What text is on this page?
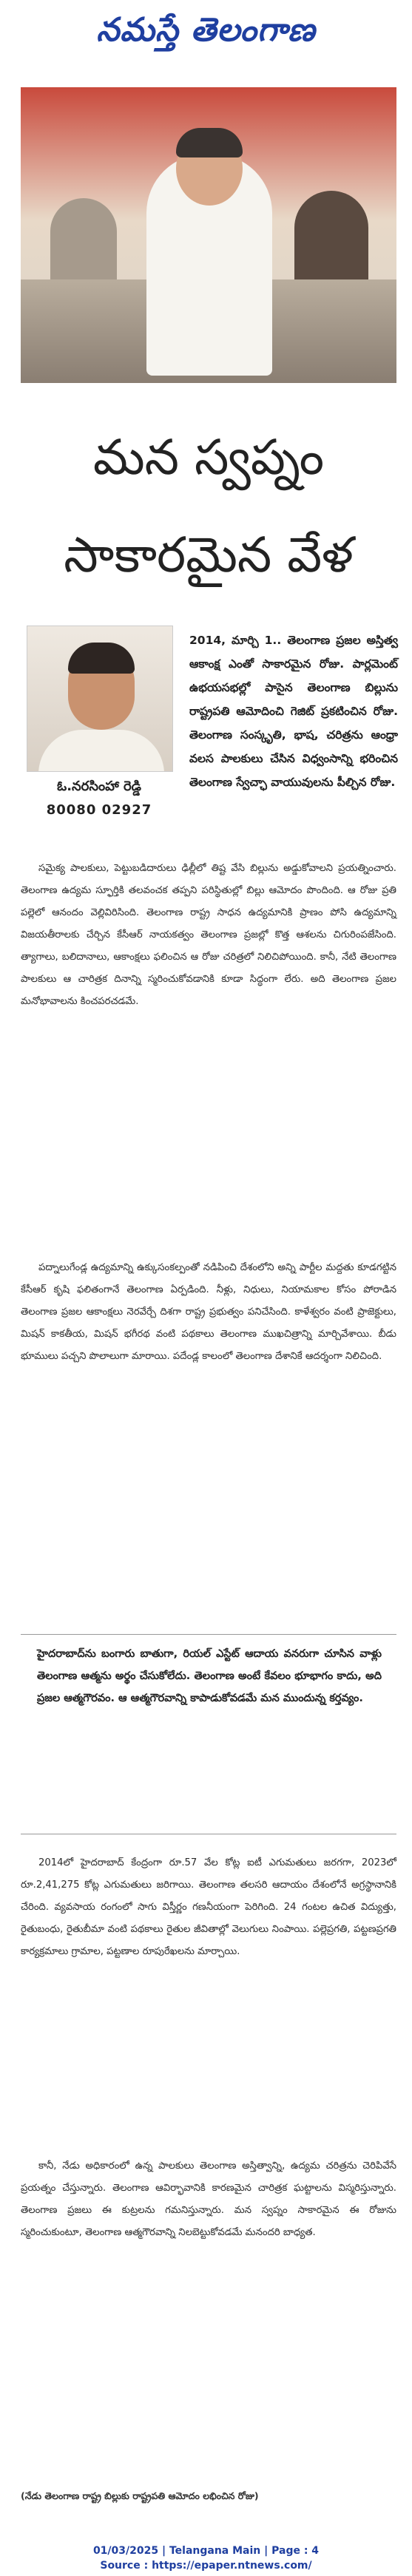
నమస్తే తెలంగాణ
మన స్వప్నం
సాకారమైన వేళ
ఓ.నరసింహా రెడ్డి
80080 02927
2014, మార్చి 1.. తెలంగాణ ప్రజల అస్తిత్వ ఆకాంక్ష ఎంతో సాకారమైన రోజు. పార్లమెంట్ ఉభయసభల్లో పాసైన తెలంగాణ బిల్లును రాష్ట్రపతి ఆమోదించి గెజిట్ ప్రకటించిన రోజు. తెలంగాణ సంస్కృతి, భాష, చరిత్రను ఆంధ్రా వలస పాలకులు చేసిన విధ్వంసాన్ని భరించిన తెలంగాణ స్వేచ్ఛా వాయువులను పీల్చిన రోజు.

సమైక్య పాలకులు, పెట్టుబడిదారులు ఢిల్లీలో తిష్ట వేసి బిల్లును అడ్డుకోవాలని ప్రయత్నించారు. తెలంగాణ ఉద్యమ స్ఫూర్తికి తలవంచక తప్పని పరిస్థితుల్లో బిల్లు ఆమోదం పొందింది. ఆ రోజు ప్రతి పల్లెలో ఆనందం వెల్లివిరిసింది. తెలంగాణ రాష్ట్ర సాధన ఉద్యమానికి ప్రాణం పోసి ఉద్యమాన్ని విజయతీరాలకు చేర్చిన కేసీఆర్ నాయకత్వం తెలంగాణ ప్రజల్లో కొత్త ఆశలను చిగురింపజేసింది. త్యాగాలు, బలిదానాలు, ఆకాంక్షలు ఫలించిన ఆ రోజు చరిత్రలో నిలిచిపోయింది. కానీ, నేటి తెలంగాణ పాలకులు ఆ చారిత్రక దినాన్ని స్మరించుకోవడానికి కూడా సిద్ధంగా లేరు. అది తెలంగాణ ప్రజల మనోభావాలను కించపరచడమే.

పద్నాలుగేండ్ల ఉద్యమాన్ని ఉక్కుసంకల్పంతో నడిపించి దేశంలోని అన్ని పార్టీల మద్దతు కూడగట్టిన కేసీఆర్ కృషి ఫలితంగానే తెలంగాణ ఏర్పడింది. నీళ్లు, నిధులు, నియామకాల కోసం పోరాడిన తెలంగాణ ప్రజల ఆకాంక్షలు నెరవేర్చే దిశగా రాష్ట్ర ప్రభుత్వం పనిచేసింది. కాళేశ్వరం వంటి ప్రాజెక్టులు, మిషన్ కాకతీయ, మిషన్ భగీరథ వంటి పథకాలు తెలంగాణ ముఖచిత్రాన్ని మార్చివేశాయి. బీడు భూములు పచ్చని పొలాలుగా మారాయి. పదేండ్ల కాలంలో తెలంగాణ దేశానికే ఆదర్శంగా నిలిచింది.

హైదరాబాద్‌ను బంగారు బాతుగా, రియల్ ఎస్టేట్ ఆదాయ వనరుగా చూసిన వాళ్లు తెలంగాణ ఆత్మను అర్థం చేసుకోలేదు. తెలంగాణ అంటే కేవలం భూభాగం కాదు, అది ప్రజల ఆత్మగౌరవం. ఆ ఆత్మగౌరవాన్ని కాపాడుకోవడమే మన ముందున్న కర్తవ్యం.

2014లో హైదరాబాద్ కేంద్రంగా రూ.57 వేల కోట్ల ఐటీ ఎగుమతులు జరగగా, 2023లో రూ.2,41,275 కోట్ల ఎగుమతులు జరిగాయి. తెలంగాణ తలసరి ఆదాయం దేశంలోనే అగ్రస్థానానికి చేరింది. వ్యవసాయ రంగంలో సాగు విస్తీర్ణం గణనీయంగా పెరిగింది. 24 గంటల ఉచిత విద్యుత్తు, రైతుబంధు, రైతుబీమా వంటి పథకాలు రైతుల జీవితాల్లో వెలుగులు నింపాయి. పల్లెప్రగతి, పట్టణప్రగతి కార్యక్రమాలు గ్రామాల, పట్టణాల రూపురేఖలను మార్చాయి.

కానీ, నేడు అధికారంలో ఉన్న పాలకులు తెలంగాణ అస్తిత్వాన్ని, ఉద్యమ చరిత్రను చెరిపివేసే ప్రయత్నం చేస్తున్నారు. తెలంగాణ ఆవిర్భావానికి కారణమైన చారిత్రక ఘట్టాలను విస్మరిస్తున్నారు. తెలంగాణ ప్రజలు ఈ కుట్రలను గమనిస్తున్నారు. మన స్వప్నం సాకారమైన ఈ రోజును స్మరించుకుంటూ, తెలంగాణ ఆత్మగౌరవాన్ని నిలబెట్టుకోవడమే మనందరి బాధ్యత.

(నేడు తెలంగాణ రాష్ట్ర బిల్లుకు రాష్ట్రపతి ఆమోదం లభించిన రోజు)
01/03/2025 | Telangana Main | Page : 4
Source : https://epaper.ntnews.com/
